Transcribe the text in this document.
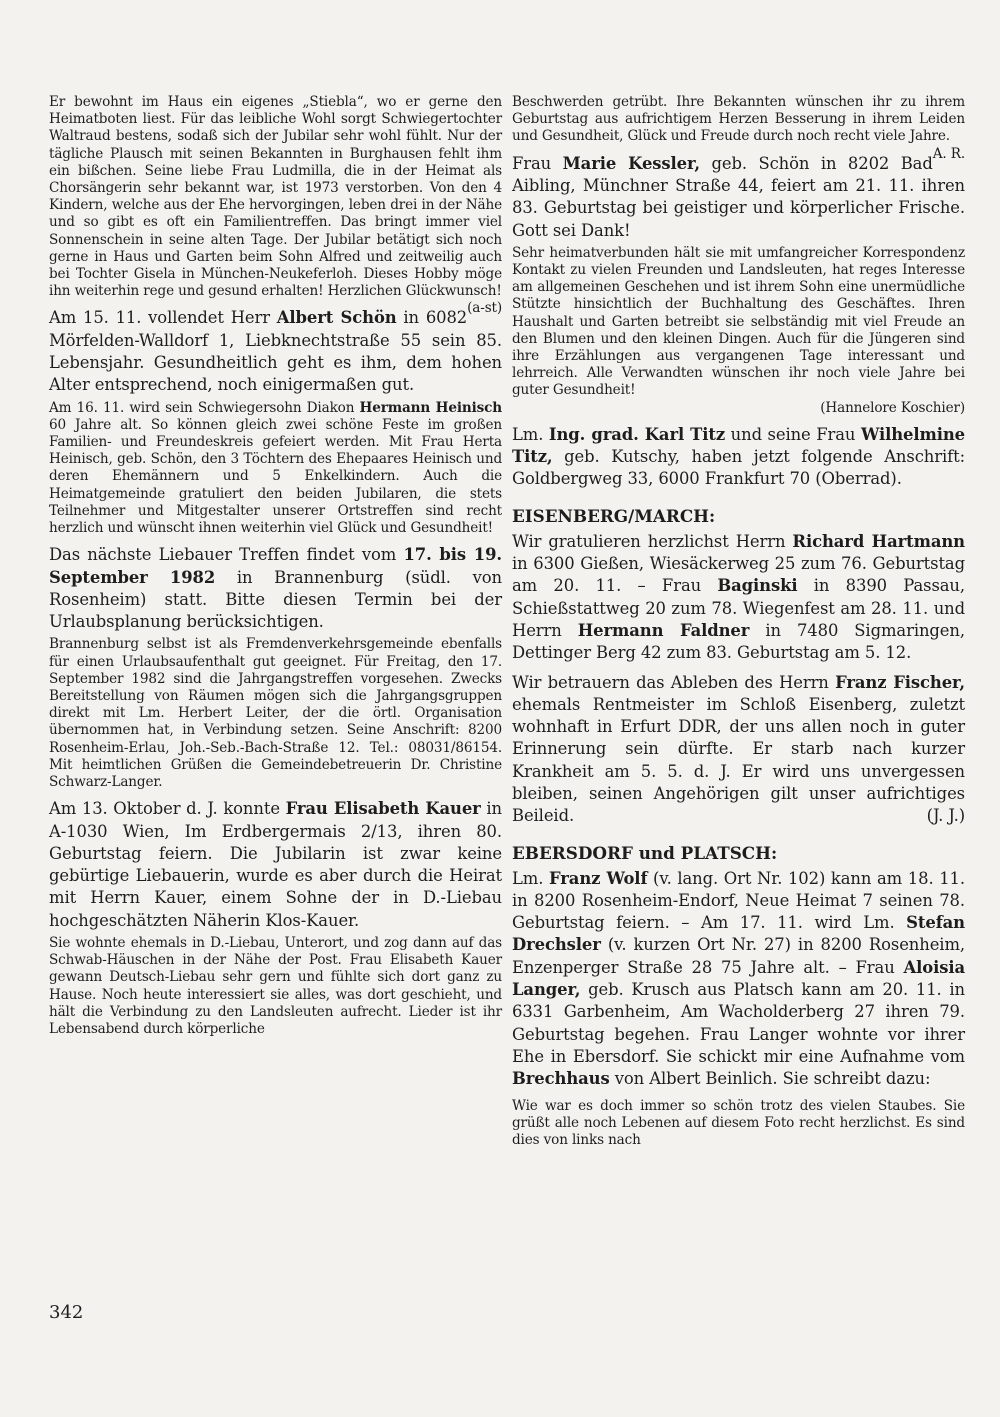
Er bewohnt im Haus ein eigenes „Stiebla“, wo er gerne den Heimatboten liest. Für das leibliche Wohl sorgt Schwiegertochter Waltraud bestens, sodaß sich der Jubilar sehr wohl fühlt. Nur der tägliche Plausch mit seinen Bekannten in Burghausen fehlt ihm ein bißchen. Seine liebe Frau Ludmilla, die in der Heimat als Chorsängerin sehr bekannt war, ist 1973 verstorben. Von den 4 Kindern, welche aus der Ehe hervorgingen, leben drei in der Nähe und so gibt es oft ein Familientreffen. Das bringt immer viel Sonnenschein in seine alten Tage. Der Jubilar betätigt sich noch gerne in Haus und Garten beim Sohn Alfred und zeitweilig auch bei Tochter Gisela in München-Neukeferloh. Dieses Hobby möge ihn weiterhin rege und gesund erhalten! Herzlichen Glückwunsch!
(a-st)

Am 15. 11. vollendet Herr Albert Schön in 6082 Mörfelden-Walldorf 1, Liebknechtstraße 55 sein 85. Lebensjahr. Gesundheitlich geht es ihm, dem hohen Alter entsprechend, noch einigermaßen gut.

Am 16. 11. wird sein Schwiegersohn Diakon Hermann Heinisch 60 Jahre alt. So können gleich zwei schöne Feste im großen Familien- und Freundeskreis gefeiert werden. Mit Frau Herta Heinisch, geb. Schön, den 3 Töchtern des Ehepaares Heinisch und deren Ehemännern und 5 Enkelkindern. Auch die Heimatgemeinde gratuliert den beiden Jubilaren, die stets Teilnehmer und Mitgestalter unserer Ortstreffen sind recht herzlich und wünscht ihnen weiterhin viel Glück und Gesundheit!

Das nächste Liebauer Treffen findet vom 17. bis 19. September 1982 in Brannenburg (südl. von Rosenheim) statt. Bitte diesen Termin bei der Urlaubsplanung berücksichtigen.

Brannenburg selbst ist als Fremdenverkehrsgemeinde ebenfalls für einen Urlaubsaufenthalt gut geeignet. Für Freitag, den 17. September 1982 sind die Jahrgangstreffen vorgesehen. Zwecks Bereitstellung von Räumen mögen sich die Jahrgangsgruppen direkt mit Lm. Herbert Leiter, der die örtl. Organisation übernommen hat, in Verbindung setzen. Seine Anschrift: 8200 Rosenheim-Erlau, Joh.-Seb.-Bach-Straße 12. Tel.: 08031/86154. Mit heimtlichen Grüßen die Gemeindebetreuerin Dr. Christine Schwarz-Langer.

Am 13. Oktober d. J. konnte Frau Elisabeth Kauer in A-1030 Wien, Im Erdbergermais 2/13, ihren 80. Geburtstag feiern. Die Jubilarin ist zwar keine gebürtige Liebauerin, wurde es aber durch die Heirat mit Herrn Kauer, einem Sohne der in D.-Liebau hochgeschätzten Näherin Klos-Kauer.

Sie wohnte ehemals in D.-Liebau, Unterort, und zog dann auf das Schwab-Häuschen in der Nähe der Post. Frau Elisabeth Kauer gewann Deutsch-Liebau sehr gern und fühlte sich dort ganz zu Hause. Noch heute interessiert sie alles, was dort geschieht, und hält die Verbindung zu den Landsleuten aufrecht. Lieder ist ihr Lebensabend durch körperliche

Beschwerden getrübt. Ihre Bekannten wünschen ihr zu ihrem Geburtstag aus aufrichtigem Herzen Besserung in ihrem Leiden und Gesundheit, Glück und Freude durch noch recht viele Jahre.
A. R.

Frau Marie Kessler, geb. Schön in 8202 Bad Aibling, Münchner Straße 44, feiert am 21. 11. ihren 83. Geburtstag bei geistiger und körperlicher Frische. Gott sei Dank!

Sehr heimatverbunden hält sie mit umfangreicher Korrespondenz Kontakt zu vielen Freunden und Landsleuten, hat reges Interesse am allgemeinen Geschehen und ist ihrem Sohn eine unermüdliche Stützte hinsichtlich der Buchhaltung des Geschäftes. Ihren Haushalt und Garten betreibt sie selbständig mit viel Freude an den Blumen und den kleinen Dingen. Auch für die Jüngeren sind ihre Erzählungen aus vergangenen Tage interessant und lehrreich. Alle Verwandten wünschen ihr noch viele Jahre bei guter Gesundheit!

(Hannelore Koschier)

Lm. Ing. grad. Karl Titz und seine Frau Wilhelmine Titz, geb. Kutschy, haben jetzt folgende Anschrift: Goldbergweg 33, 6000 Frankfurt 70 (Oberrad).

EISENBERG/MARCH:

Wir gratulieren herzlichst Herrn Richard Hartmann in 6300 Gießen, Wiesäckerweg 25 zum 76. Geburtstag am 20. 11. – Frau Baginski in 8390 Passau, Schießstattweg 20 zum 78. Wiegenfest am 28. 11. und Herrn Hermann Faldner in 7480 Sigmaringen, Dettinger Berg 42 zum 83. Geburtstag am 5. 12.

Wir betrauern das Ableben des Herrn Franz Fischer, ehemals Rentmeister im Schloß Eisenberg, zuletzt wohnhaft in Erfurt DDR, der uns allen noch in guter Erinnerung sein dürfte. Er starb nach kurzer Krankheit am 5. 5. d. J. Er wird uns unvergessen bleiben, seinen Angehörigen gilt unser aufrichtiges Beileid.	(J. J.)

EBERSDORF und PLATSCH:

Lm. Franz Wolf (v. lang. Ort Nr. 102) kann am 18. 11. in 8200 Rosenheim-Endorf, Neue Heimat 7 seinen 78. Geburtstag feiern. – Am 17. 11. wird Lm. Stefan Drechsler (v. kurzen Ort Nr. 27) in 8200 Rosenheim, Enzenperger Straße 28 75 Jahre alt. – Frau Aloisia Langer, geb. Krusch aus Platsch kann am 20. 11. in 6331 Garbenheim, Am Wacholderberg 27 ihren 79. Geburtstag begehen. Frau Langer wohnte vor ihrer Ehe in Ebersdorf. Sie schickt mir eine Aufnahme vom Brechhaus von Albert Beinlich. Sie schreibt dazu:

Wie war es doch immer so schön trotz des vielen Staubes. Sie grüßt alle noch Lebenen auf diesem Foto recht herzlichst. Es sind dies von links nach

342
